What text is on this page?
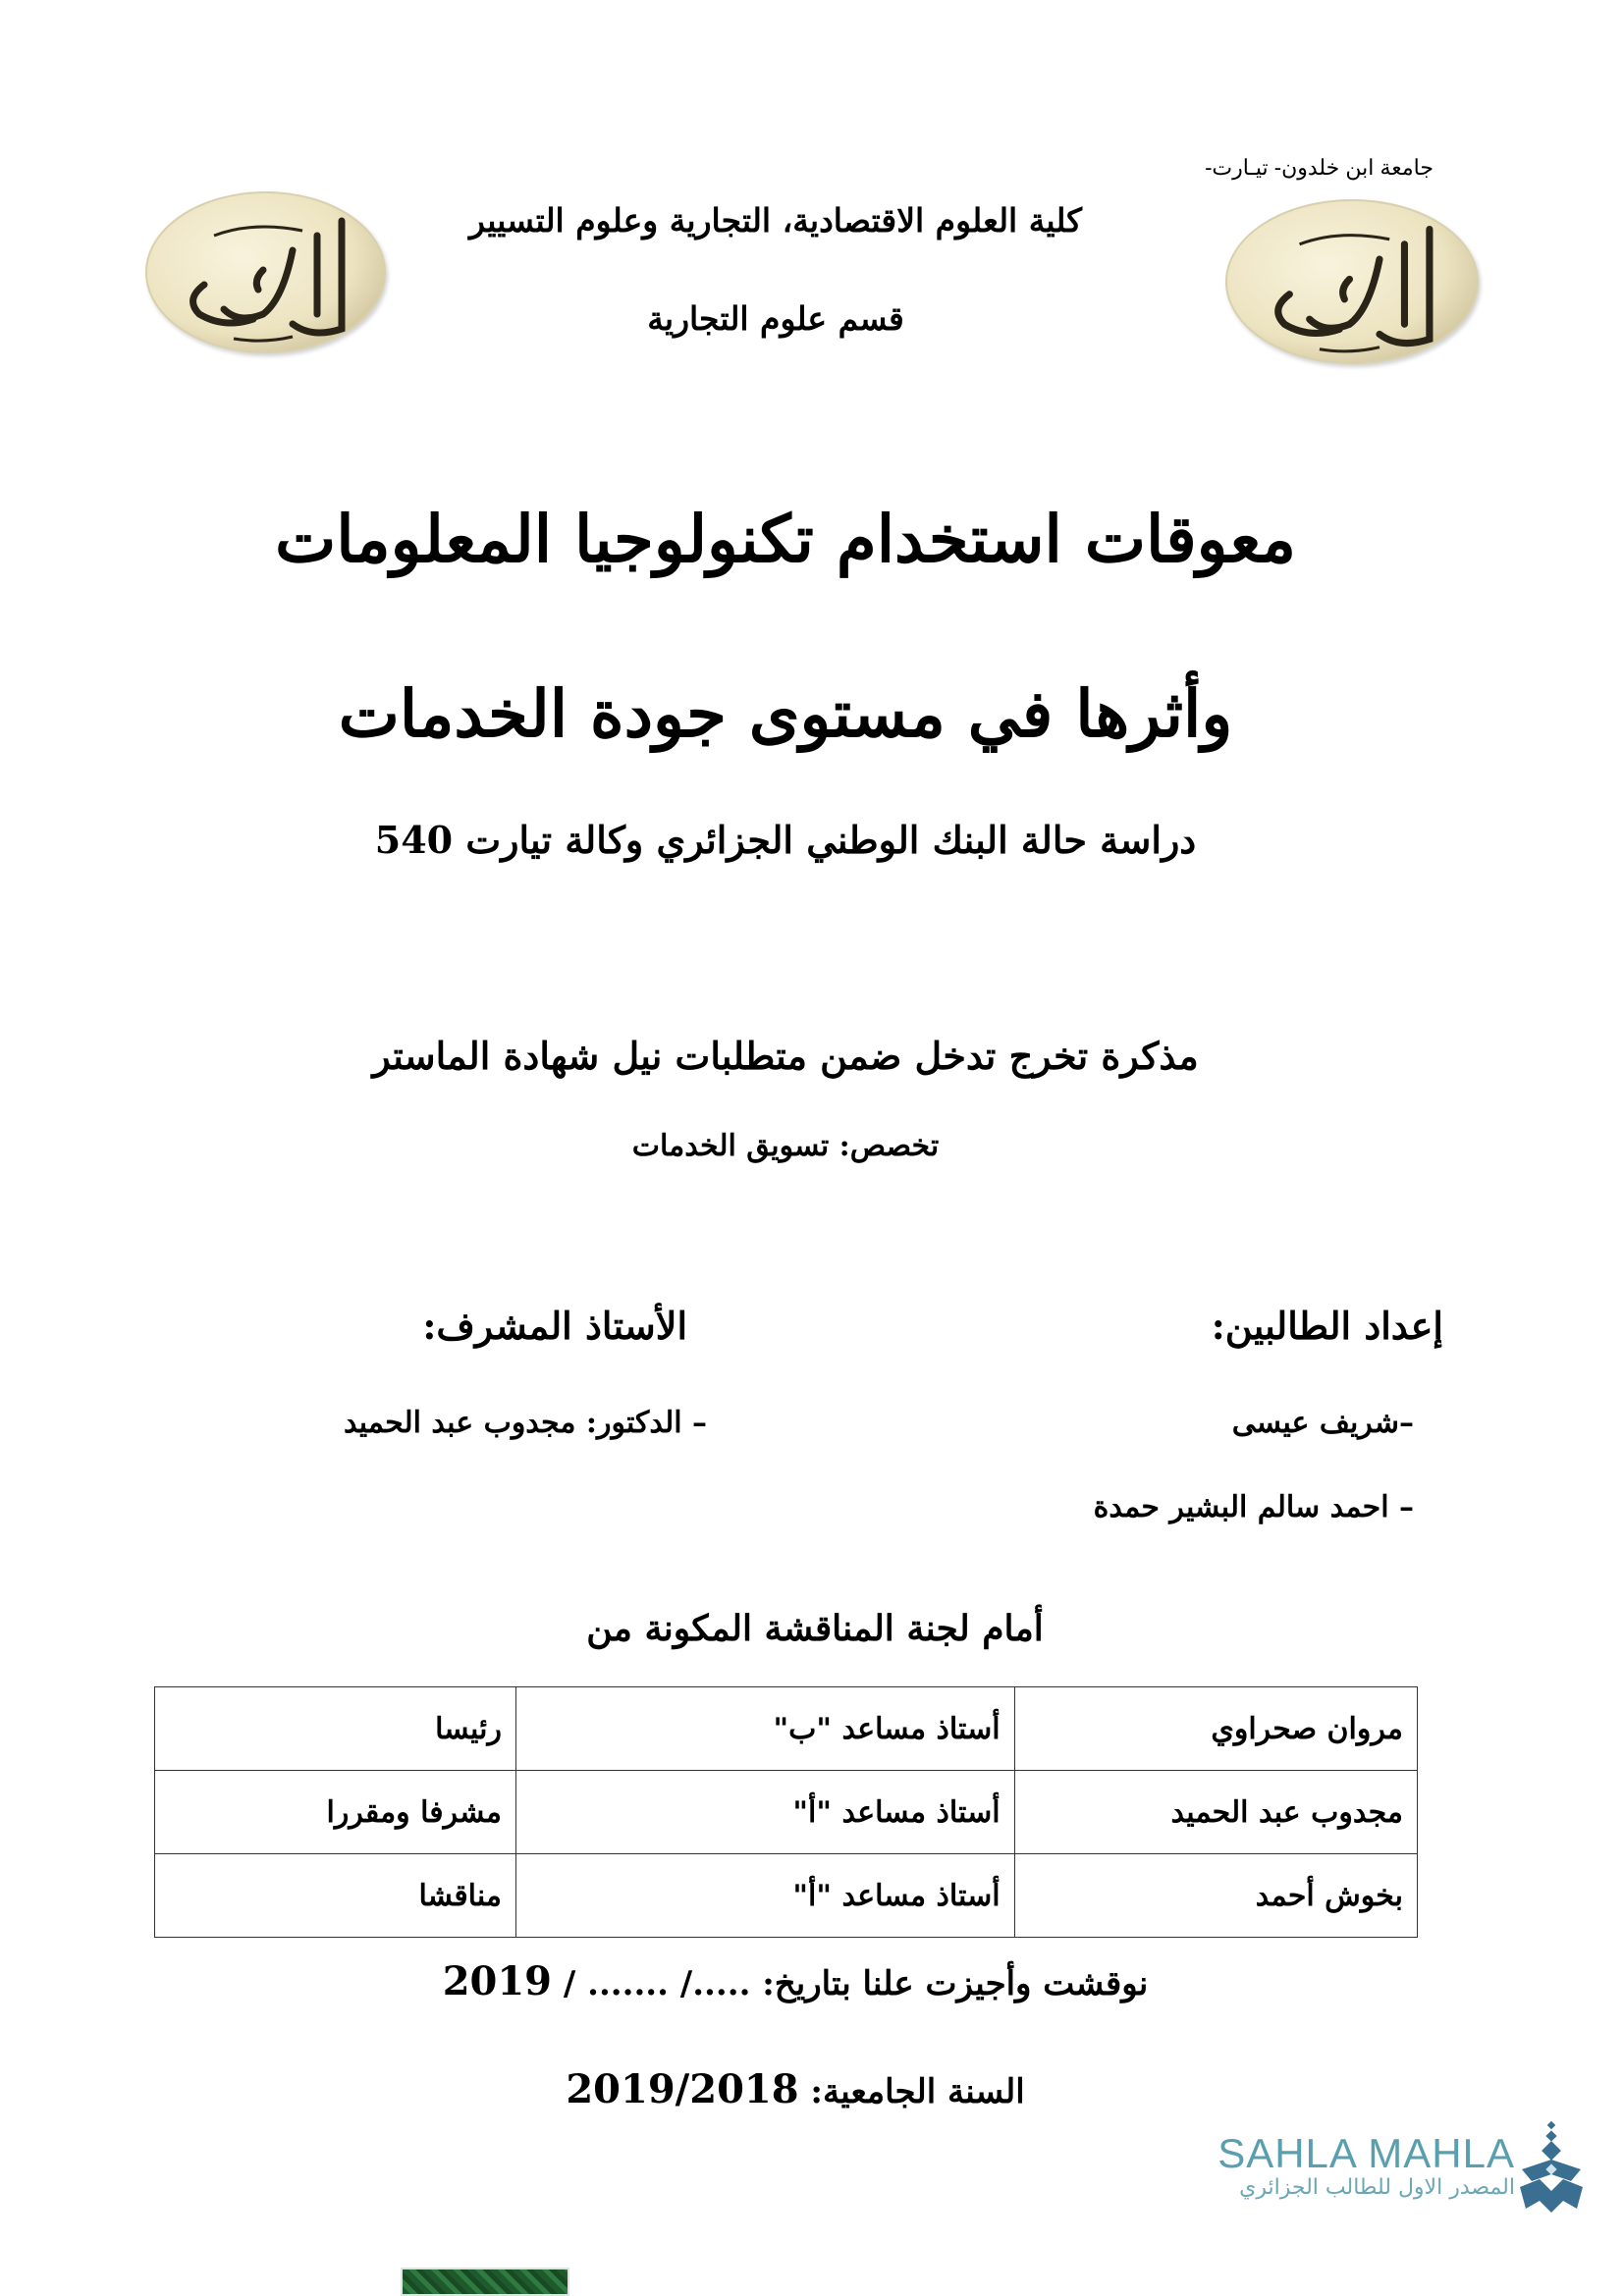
جامعة ابن خلدون- تيـارت-
كلية العلوم الاقتصادية، التجارية وعلوم التسيير
قسم علوم التجارية
معوقات استخدام تكنولوجيا المعلومات
وأثرها في مستوى جودة الخدمات
دراسة حالة البنك الوطني الجزائري وكالة تيارت 540
مذكرة تخرج تدخل ضمن متطلبات نيل شهادة الماستر
تخصص: تسويق الخدمات
إعداد الطالبين:
الأستاذ المشرف:
–شريف عيسى
– احمد سالم البشير حمدة
– الدكتور: مجدوب عبد الحميد
أمام لجنة المناقشة المكونة من
مروان صحراوي	أستاذ مساعد "ب"	رئيسا
مجدوب عبد الحميد	أستاذ مساعد "أ"	مشرفا ومقررا
بخوش أحمد	أستاذ مساعد "أ"	مناقشا
نوقشت وأجيزت علنا بتاريخ: ...../ ....... / 2019
السنة الجامعية: 2019/2018
SAHLA MAHLA
المصدر الاول للطالب الجزائري
